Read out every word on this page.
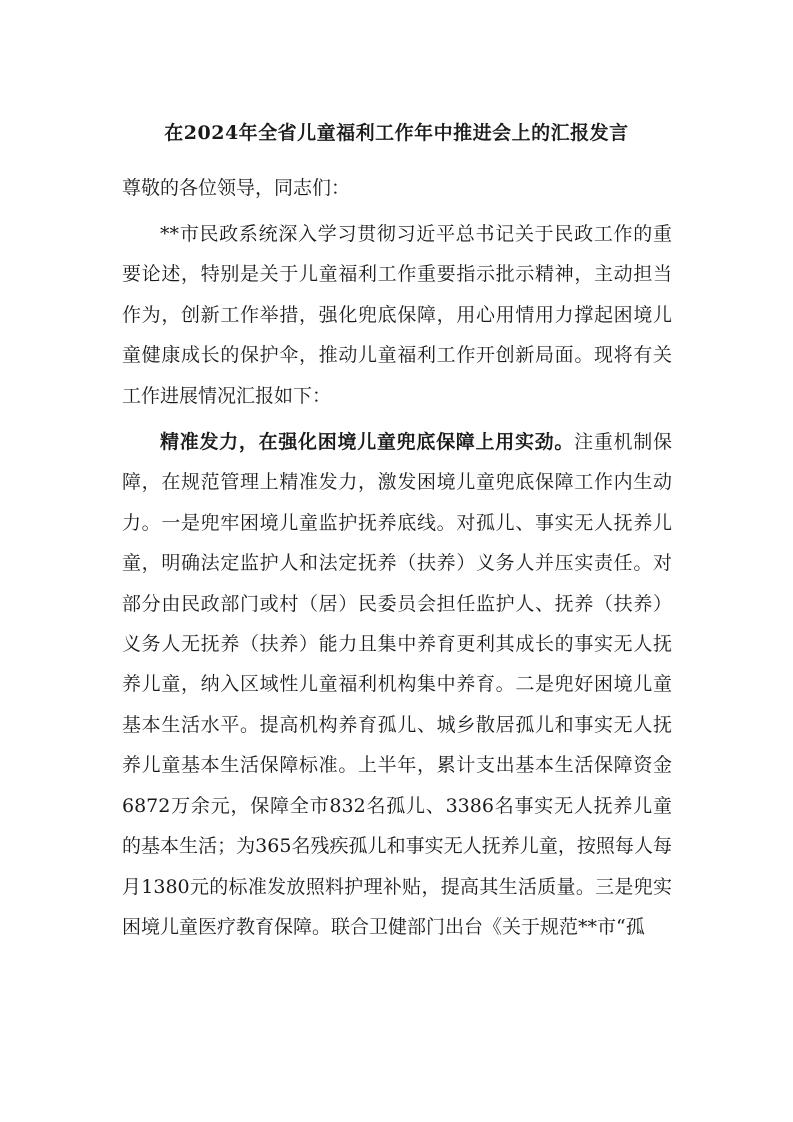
在2024年全省儿童福利工作年中推进会上的汇报发言

尊敬的各位领导，同志们：

**市民政系统深入学习贯彻习近平总书记关于民政工作的重要论述，特别是关于儿童福利工作重要指示批示精神，主动担当作为，创新工作举措，强化兜底保障，用心用情用力撑起困境儿童健康成长的保护伞，推动儿童福利工作开创新局面。现将有关工作进展情况汇报如下：

精准发力，在强化困境儿童兜底保障上用实劲。注重机制保障，在规范管理上精准发力，激发困境儿童兜底保障工作内生动力。一是兜牢困境儿童监护抚养底线。对孤儿、事实无人抚养儿童，明确法定监护人和法定抚养（扶养）义务人并压实责任。对部分由民政部门或村（居）民委员会担任监护人、抚养（扶养）义务人无抚养（扶养）能力且集中养育更利其成长的事实无人抚养儿童，纳入区域性儿童福利机构集中养育。二是兜好困境儿童基本生活水平。提高机构养育孤儿、城乡散居孤儿和事实无人抚养儿童基本生活保障标准。上半年，累计支出基本生活保障资金6872万余元，保障全市832名孤儿、3386名事实无人抚养儿童的基本生活；为365名残疾孤儿和事实无人抚养儿童，按照每人每月1380元的标准发放照料护理补贴，提高其生活质量。三是兜实困境儿童医疗教育保障。联合卫健部门出台《关于规范**市“孤
